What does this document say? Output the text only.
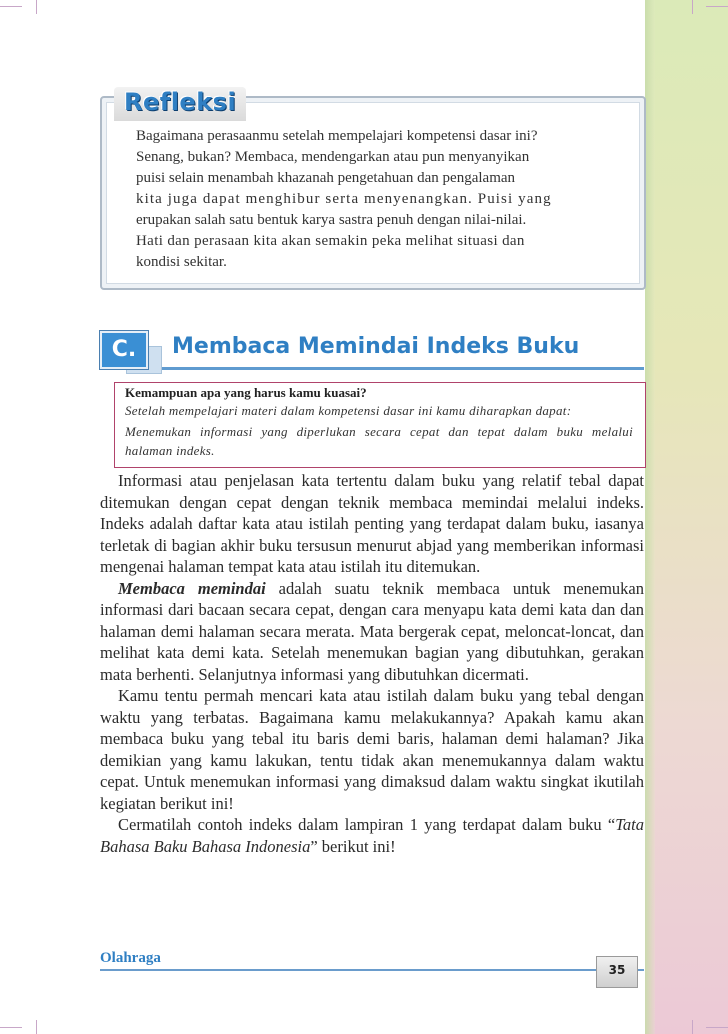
Refleksi
Bagaimana perasaanmu setelah mempelajari kompetensi dasar ini?
Senang, bukan? Membaca, mendengarkan atau pun menyanyikan
puisi selain menambah khazanah pengetahuan dan pengalaman
kita juga dapat menghibur serta menyenangkan. Puisi yang
erupakan salah satu bentuk karya sastra penuh dengan nilai-nilai.
Hati dan perasaan kita akan semakin peka melihat situasi dan
kondisi sekitar.
C.	Membaca Memindai Indeks Buku
Kemampuan apa yang harus kamu kuasai?
Setelah mempelajari materi dalam kompetensi dasar ini kamu diharapkan dapat:
Menemukan informasi yang diperlukan secara cepat dan tepat dalam buku melalui
halaman indeks.

Informasi atau penjelasan kata tertentu dalam buku yang relatif tebal dapat ditemukan dengan cepat dengan teknik membaca memindai melalui indeks. Indeks adalah daftar kata atau istilah penting yang terdapat dalam buku, iasanya terletak di bagian akhir buku tersusun menurut abjad yang memberikan informasi mengenai halaman tempat kata atau istilah itu ditemukan.

Membaca memindai adalah suatu teknik membaca untuk menemukan informasi dari bacaan secara cepat, dengan cara menyapu kata demi kata dan dan halaman demi halaman secara merata. Mata bergerak cepat, meloncat-loncat, dan melihat kata demi kata. Setelah menemukan bagian yang dibutuhkan, gerakan mata berhenti. Selanjutnya informasi yang dibutuhkan dicermati.

Kamu tentu permah mencari kata atau istilah dalam buku yang tebal dengan waktu yang terbatas. Bagaimana kamu melakukannya? Apakah kamu akan membaca buku yang tebal itu baris demi baris, halaman demi halaman? Jika demikian yang kamu lakukan, tentu tidak akan menemukannya dalam waktu cepat. Untuk menemukan informasi yang dimaksud dalam waktu singkat ikutilah kegiatan berikut ini!

Cermatilah contoh indeks dalam lampiran 1 yang terdapat dalam buku “Tata Bahasa Baku Bahasa Indonesia” berikut ini!

Olahraga
35
